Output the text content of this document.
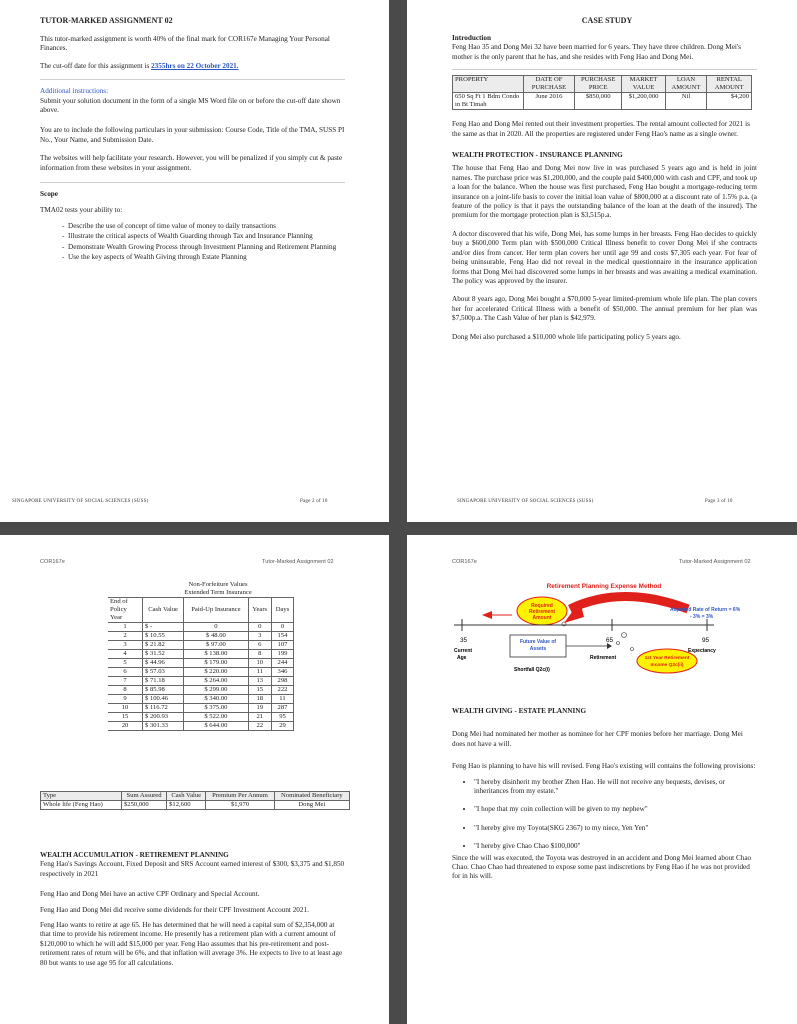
TUTOR-MARKED ASSIGNMENT 02
This tutor-marked assignment is worth 40% of the final mark for COR167e Managing Your Personal Finances.
The cut-off date for this assignment is 2355hrs on 22 October 2021.
Additional instructions:
Submit your solution document in the form of a single MS Word file on or before the cut-off date shown above.
You are to include the following particulars in your submission: Course Code, Title of the TMA, SUSS PI No., Your Name, and Submission Date.
The websites will help facilitate your research. However, you will be penalized if you simply cut & paste information from these websites in your assignment.
Scope
TMA02 tests your ability to:
-  Describe the use of concept of time value of money to daily transactions
-  Illustrate the critical aspects of Wealth Guarding through Tax and Insurance Planning
-  Demonstrate Wealth Growing Process through Investment Planning and Retirement Planning
-  Use the key aspects of Wealth Giving through Estate Planning
SINGAPORE UNIVERSITY OF SOCIAL SCIENCES (SUSS)	Page 2 of 10
CASE STUDY
Introduction
Feng Hao 35 and Dong Mei 32 have been married for 6 years. They have three children. Dong Mei's mother is the only parent that he has, and she resides with Feng Hao and Dong Mei.
PROPERTY	DATE OF PURCHASE	PURCHASE PRICE	MARKET VALUE	LOAN AMOUNT	RENTAL AMOUNT
650 Sq Ft 1 Bdm Condo in Bt Timah	June 2016	$850,000	$1,200,000	Nil	$4,200
Feng Hao and Dong Mei rented out their investment properties. The rental amount collected for 2021 is the same as that in 2020. All the properties are registered under Feng Hao's name as a single owner.
WEALTH PROTECTION - INSURANCE PLANNING
The house that Feng Hao and Dong Mei now live in was purchased 5 years ago and is held in joint names. The purchase price was $1,200,000, and the couple paid $400,000 with cash and CPF, and took up a loan for the balance. When the house was first purchased, Feng Hao bought a mortgage-reducing term insurance on a joint-life basis to cover the initial loan value of $800,000 at a discount rate of 1.5% p.a. (a feature of the policy is that it pays the outstanding balance of the loan at the death of the insured). The premium for the mortgage protection plan is $3,515p.a.
A doctor discovered that his wife, Dong Mei, has some lumps in her breasts. Feng Hao decides to quickly buy a $600,000 Term plan with $500,000 Critical Illness benefit to cover Dong Mei if she contracts and/or dies from cancer. Her term plan covers her until age 99 and costs $7,305 each year. For fear of being uninsurable, Feng Hao did not reveal in the medical questionnaire in the insurance application forms that Dong Mei had discovered some lumps in her breasts and was awaiting a medical examination. The policy was approved by the insurer.
About 8 years ago, Dong Mei bought a $70,000 5-year limited-premium whole life plan. The plan covers her for accelerated Critical Illness with a benefit of $50,000. The annual premium for her plan was $7,500p.a. The Cash Value of her plan is $42,979.
Dong Mei also purchased a $10,000 whole life participating policy 5 years ago.
SINGAPORE UNIVERSITY OF SOCIAL SCIENCES (SUSS)	Page 3 of 10
COR167e	Tutor-Marked Assignment 02
	Non-Forfeiture Values			
	Extended Term Insurance			
End of Policy Year	Cash Value	Paid-Up Insurance	Years	Days
1	$ -	0	0	0
2	$ 10.55	$ 48.00	3	154
3	$ 21.82	$ 97.00	6	107
4	$ 31.52	$ 138.00	8	199
5	$ 44.96	$ 179.00	10	244
6	$ 57.03	$ 220.00	11	346
7	$ 71.18	$ 264.00	13	298
8	$ 85.98	$ 299.00	15	222
9	$ 100.46	$ 340.00	18	11
10	$ 116.72	$ 375.00	19	287
15	$ 200.93	$ 522.00	21	95
20	$ 301.33	$ 644.00	22	29
Type	Sum Assured	Cash Value	Premium Per Annum	Nominated Beneficiary
Whole life (Feng Hao)	$250,000	$12,600	$1,970	Dong Mei
WEALTH ACCUMULATION - RETIREMENT PLANNING
Feng Hao's Savings Account, Fixed Deposit and SRS Account earned interest of $300, $3,375 and $1,850 respectively in 2021
Feng Hao and Dong Mei have an active CPF Ordinary and Special Account.
Feng Hao and Dong Mei did receive some dividends for their CPF Investment Account 2021.
Feng Hao wants to retire at age 65. He has determined that he will need a capital sum of $2,354,000 at that time to provide his retirement income. He presently has a retirement plan with a current amount of $120,000 to which he will add $15,000 per year. Feng Hao assumes that his pre-retirement and post-retirement rates of return will be 6%, and that inflation will average 3%. He expects to live to at least age 80 but wants to use age 95 for all calculations.
COR167e	Tutor-Marked Assignment 02
Retirement Planning Expense Method
Required
Retirement
Amount
Adjusted Rate of Return = 6%
- 3% = 3%
35	65	95
Current
Age
Future Value of
Assets
Retirement	1st Year Retirement
Income Q2c(ii)
Expectancy
Shortfall Q2c(i)
WEALTH GIVING - ESTATE PLANNING
Dong Mei had nominated her mother as nominee for her CPF monies before her marriage. Dong Mei does not have a will.
Feng Hao is planning to have his will revised. Feng Hao's existing will contains the following provisions:
• "I hereby disinherit my brother Zhen Hao. He will not receive any bequests, devises, or inheritances from my estate."
• "I hope that my coin collection will be given to my nephew"
• "I hereby give my Toyota(SKG 2367) to my niece, Yen Yen"
• "I hereby give Chao Chao $100,000"
Since the will was executed, the Toyota was destroyed in an accident and Dong Mei learned about Chao Chao. Chao Chao had threatened to expose some past indiscretions by Feng Hao if he was not provided for in his will.
